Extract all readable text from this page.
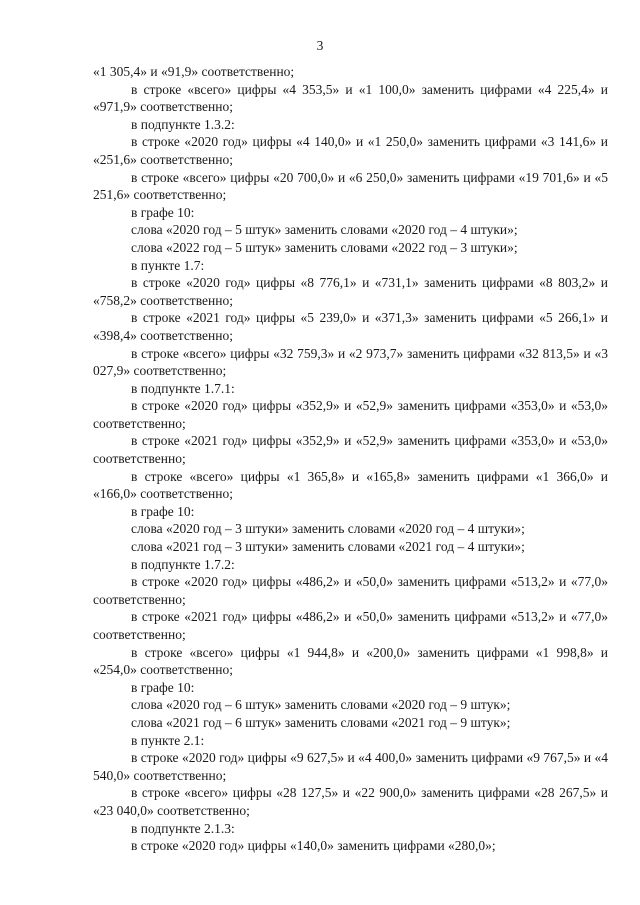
3

«1 305,4» и «91,9» соответственно;

в строке «всего» цифры «4 353,5» и «1 100,0» заменить цифрами «4 225,4» и «971,9» соответственно;

в подпункте 1.3.2:

в строке «2020 год» цифры «4 140,0» и «1 250,0» заменить цифрами «3 141,6» и «251,6» соответственно;

в строке «всего» цифры «20 700,0» и «6 250,0» заменить цифрами «19 701,6» и «5 251,6» соответственно;

в графе 10:

слова «2020 год – 5 штук» заменить словами «2020 год – 4 штуки»;

слова «2022 год – 5 штук» заменить словами «2022 год – 3 штуки»;

в пункте 1.7:

в строке «2020 год» цифры «8 776,1» и «731,1» заменить цифрами «8 803,2» и «758,2» соответственно;

в строке «2021 год» цифры «5 239,0» и «371,3» заменить цифрами «5 266,1» и «398,4» соответственно;

в строке «всего» цифры «32 759,3» и «2 973,7» заменить цифрами «32 813,5» и «3 027,9» соответственно;

в подпункте 1.7.1:

в строке «2020 год» цифры «352,9» и «52,9» заменить цифрами «353,0» и «53,0» соответственно;

в строке «2021 год» цифры «352,9» и «52,9» заменить цифрами «353,0» и «53,0» соответственно;

в строке «всего» цифры «1 365,8» и «165,8» заменить цифрами «1 366,0» и «166,0» соответственно;

в графе 10:

слова «2020 год – 3 штуки» заменить словами «2020 год – 4 штуки»;

слова «2021 год – 3 штуки» заменить словами «2021 год – 4 штуки»;

в подпункте 1.7.2:

в строке «2020 год» цифры «486,2» и «50,0» заменить цифрами «513,2» и «77,0» соответственно;

в строке «2021 год» цифры «486,2» и «50,0» заменить цифрами «513,2» и «77,0» соответственно;

в строке «всего» цифры «1 944,8» и «200,0» заменить цифрами «1 998,8» и «254,0» соответственно;

в графе 10:

слова «2020 год – 6 штук» заменить словами «2020 год – 9 штук»;

слова «2021 год – 6 штук» заменить словами «2021 год – 9 штук»;

в пункте 2.1:

в строке «2020 год» цифры «9 627,5» и «4 400,0» заменить цифрами «9 767,5» и «4 540,0» соответственно;

в строке «всего» цифры «28 127,5» и «22 900,0» заменить цифрами «28 267,5» и «23 040,0» соответственно;

в подпункте 2.1.3:

в строке «2020 год» цифры «140,0» заменить цифрами «280,0»;
